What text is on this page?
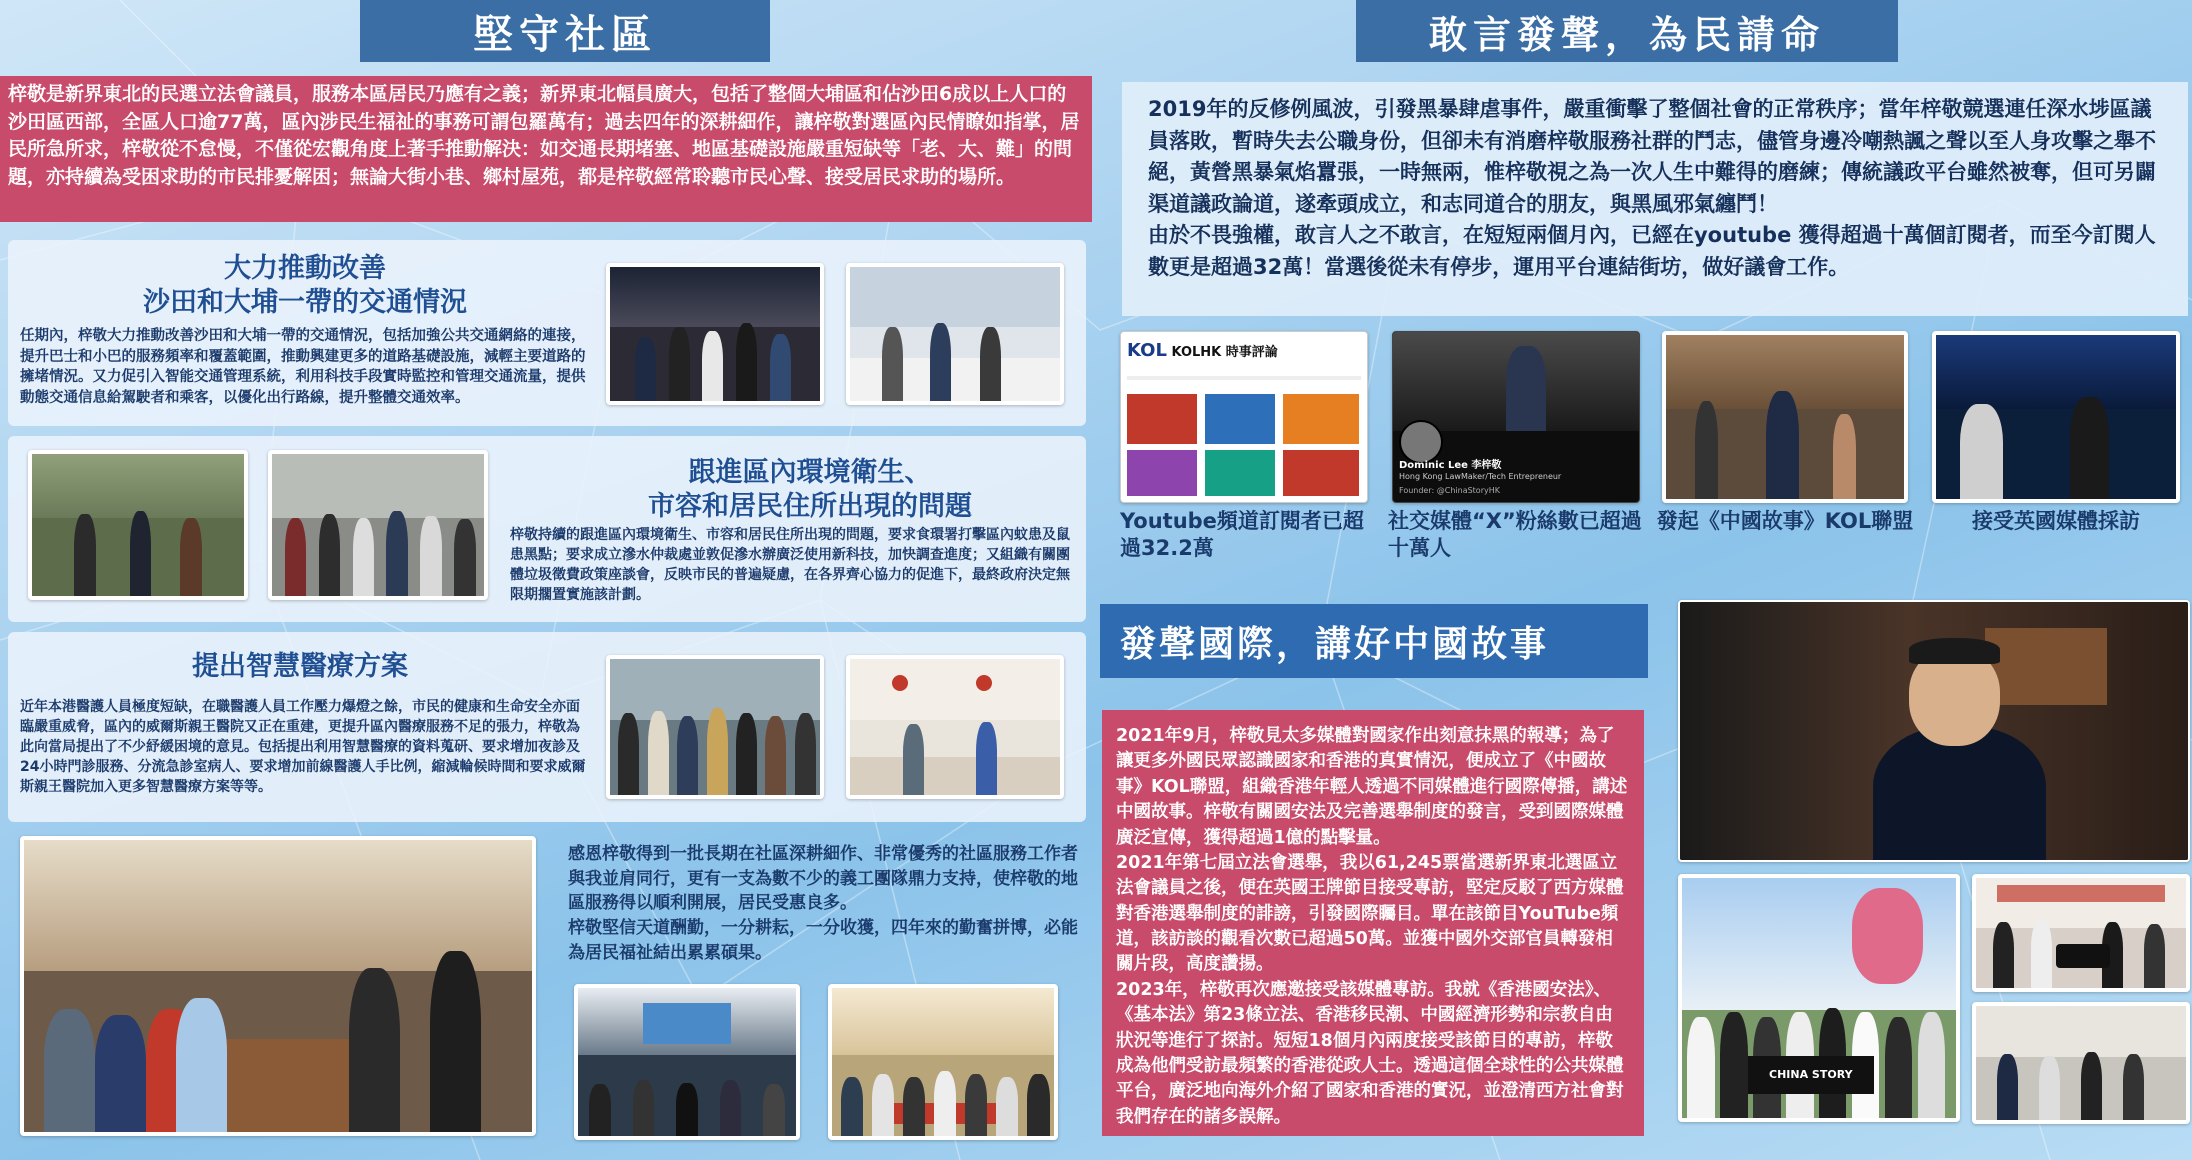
堅守社區
梓敬是新界東北的民選立法會議員，服務本區居民乃應有之義；新界東北幅員廣大，包括了整個大埔區和佔沙田6成以上人口的沙田區西部，全區人口逾77萬，區內涉民生福祉的事務可謂包羅萬有；過去四年的深耕細作，讓梓敬對選區內民情瞭如指掌，居民所急所求，梓敬從不怠慢，不僅從宏觀角度上著手推動解決：如交通長期堵塞、地區基礎設施嚴重短缺等「老、大、難」的問題，亦持續為受困求助的市民排憂解困；無論大街小巷、鄉村屋苑，都是梓敬經常聆聽市民心聲、接受居民求助的場所。
大力推動改善
沙田和大埔一帶的交通情況
任期內，梓敬大力推動改善沙田和大埔一帶的交通情況，包括加強公共交通網絡的連接，提升巴士和小巴的服務頻率和覆蓋範圍，推動興建更多的道路基礎設施，減輕主要道路的擁堵情況。又力促引入智能交通管理系統，利用科技手段實時監控和管理交通流量，提供動態交通信息給駕駛者和乘客，以優化出行路線，提升整體交通效率。
跟進區內環境衛生、
市容和居民住所出現的問題
梓敬持續的跟進區內環境衛生、市容和居民住所出現的問題，要求食環署打擊區內蚊患及鼠患黑點；要求成立滲水仲裁處並敦促滲水辦廣泛使用新科技，加快調查進度；又組織有關團體垃圾徵費政策座談會，反映市民的普遍疑慮，在各界齊心協力的促進下，最終政府決定無限期擱置實施該計劃。
提出智慧醫療方案
近年本港醫護人員極度短缺，在職醫護人員工作壓力爆燈之餘，市民的健康和生命安全亦面臨嚴重威脅，區內的威爾斯親王醫院又正在重建，更提升區內醫療服務不足的張力，梓敬為此向當局提出了不少紓緩困境的意見。包括提出利用智慧醫療的資料蒐研、要求增加夜診及24小時門診服務、分流急診室病人、要求增加前線醫護人手比例，縮減輪候時間和要求威爾斯親王醫院加入更多智慧醫療方案等等。
感恩梓敬得到一批長期在社區深耕細作、非常優秀的社區服務工作者與我並肩同行，更有一支為數不少的義工團隊鼎力支持，使梓敬的地區服務得以順利開展，居民受惠良多。
梓敬堅信天道酬勤，一分耕耘，一分收獲，四年來的勤奮拼博，必能為居民福祉結出累累碩果。
敢言發聲，為民請命
2019年的反修例風波，引發黑暴肆虐事件，嚴重衝擊了整個社會的正常秩序；當年梓敬競選連任深水埗區議員落敗，暫時失去公職身份，但卻未有消磨梓敬服務社群的鬥志，儘管身邊冷嘲熱諷之聲以至人身攻擊之舉不絕，黃營黑暴氣焰囂張，一時無兩，惟梓敬視之為一次人生中難得的磨練；傳統議政平台雖然被奪，但可另闢渠道議政論道，遂牽頭成立，和志同道合的朋友，與黑風邪氣纏鬥！
由於不畏強權，敢言人之不敢言，在短短兩個月內，已經在youtube 獲得超過十萬個訂閱者，而至今訂閱人數更是超過32萬！當選後從未有停步，運用平台連結街坊，做好議會工作。
KOL KOLHK 時事評論
Dominic Lee 李梓敬
Hong Kong LawMaker/Tech Entrepreneur
Founder: @ChinaStoryHK
Youtube頻道訂閱者已超過32.2萬
社交媒體“X”粉絲數已超過十萬人
發起《中國故事》KOL聯盟	接受英國媒體採訪
發聲國際，講好中國故事
2021年9月，梓敬見太多媒體對國家作出刻意抹黑的報導；為了讓更多外國民眾認識國家和香港的真實情況，便成立了《中國故事》KOL聯盟，組織香港年輕人透過不同媒體進行國際傳播，講述中國故事。梓敬有關國安法及完善選舉制度的發言，受到國際媒體廣泛宣傳，獲得超過1億的點擊量。
2021年第七屆立法會選舉，我以61,245票當選新界東北選區立法會議員之後，便在英國王牌節目接受專訪，堅定反駁了西方媒體對香港選舉制度的誹謗，引發國際矚目。單在該節目YouTube頻道，該訪談的觀看次數已超過50萬。並獲中國外交部官員轉發相關片段，高度讚揚。
2023年，梓敬再次應邀接受該媒體專訪。我就《香港國安法》、《基本法》第23條立法、香港移民潮、中國經濟形勢和宗教自由狀況等進行了探討。短短18個月內兩度接受該節目的專訪，梓敬成為他們受訪最頻繁的香港從政人士。透過這個全球性的公共媒體平台，廣泛地向海外介紹了國家和香港的實況，並澄清西方社會對我們存在的諸多誤解。
CHINA STORY
